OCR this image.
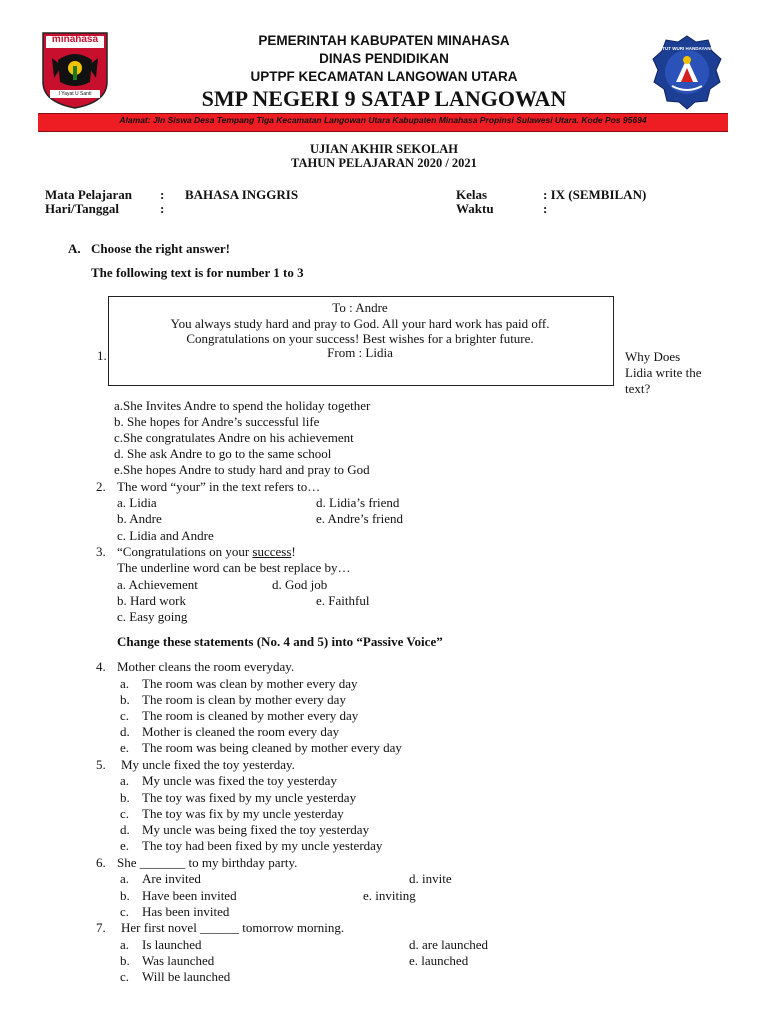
minahasa
I Yayat U Santi
TUT WURI HANDAYANI
PEMERINTAH KABUPATEN MINAHASA
DINAS PENDIDIKAN
UPTPF KECAMATAN LANGOWAN UTARA
SMP NEGERI 9 SATAP LANGOWAN
Alamat: Jln Siswa Desa Tempang Tiga Kecamatan Langowan Utara Kabupaten Minahasa Propinsi Sulawesi Utara. Kode Pos 95694
UJIAN AKHIR SEKOLAH
TAHUN PELAJARAN 2020 / 2021
Mata Pelajaran : BAHASA INGGRIS
Hari/Tanggal	:
Kelas	: IX (SEMBILAN)
Waktu	:
A. Choose the right answer!
The following text is for number 1 to 3
To : Andre
You always study hard and pray to God. All your hard work has paid off.
Congratulations on your success! Best wishes for a brighter future.
From : Lidia
1.	Why Does
Lidia write the
text?
a.She Invites Andre to spend the holiday together
b. She hopes for Andre’s successful life
c.She congratulates Andre on his achievement
d. She ask Andre to go to the same school
e.She hopes Andre to study hard and pray to God
2. The word “your” in the text refers to…
a. Lidia	d. Lidia’s friend
b. Andre	e. Andre’s friend
c. Lidia and Andre
3. “Congratulations on your success!
The underline word can be best replace by…
a. Achievement	d. God job
b. Hard work	e. Faithful
c. Easy going
Change these statements (No. 4 and 5) into “Passive Voice”
4. Mother cleans the room everyday.
a. The room was clean by mother every day
b. The room is clean by mother every day
c. The room is cleaned by mother every day
d. Mother is cleaned the room every day
e. The room was being cleaned by mother every day
5. My uncle fixed the toy yesterday.
a. My uncle was fixed the toy yesterday
b. The toy was fixed by my uncle yesterday
c. The toy was fix by my uncle yesterday
d. My uncle was being fixed the toy yesterday
e. The toy had been fixed by my uncle yesterday
6. She _______ to my birthday party.
a. Are invited	d. invite
b. Have been invited	e. inviting
c. Has been invited
7. Her first novel ______ tomorrow morning.
a. Is launched	d. are launched
b. Was launched	e. launched
c. Will be launched
